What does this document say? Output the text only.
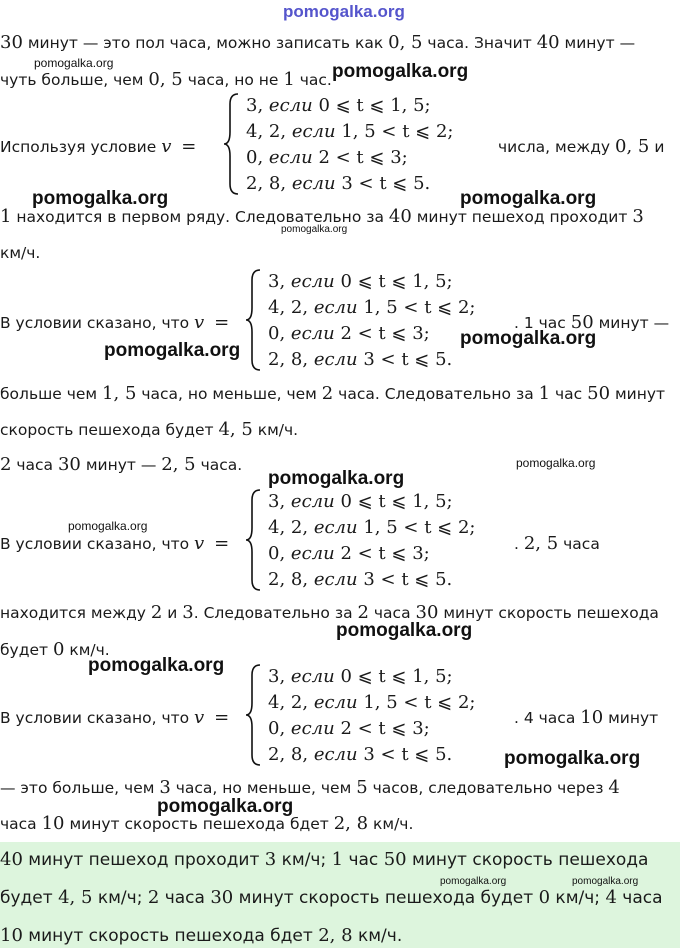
pomogalka.org
30 минут — это пол часа, можно записать как 0, 5 часа. Значит 40 минут —
pomogalka.org
чуть больше, чем 0, 5 часа, но не 1 час. pomogalka.org
Используя условие v =
3, если 0 ⩽ t ⩽ 1, 5;
4, 2, если 1, 5 < t ⩽ 2;
0, если 2 < t ⩽ 3;
2, 8, если 3 < t ⩽ 5.
числа, между 0, 5 и
pomogalka.org	pomogalka.org
1 находится в первом ряду. Следовательно за 40 минут пешеход проходит 3
pomogalka.org
км/ч.
В условии сказано, что v =
3, если 0 ⩽ t ⩽ 1, 5;
4, 2, если 1, 5 < t ⩽ 2;
0, если 2 < t ⩽ 3;
2, 8, если 3 < t ⩽ 5.
. 1 час 50 минут —
pomogalka.org
pomogalka.org
больше чем 1, 5 часа, но меньше, чем 2 часа. Следовательно за 1 час 50 минут
скорость пешехода будет 4, 5 км/ч.
2 часа 30 минут — 2, 5 часа.	pomogalka.org
pomogalka.org
pomogalka.org
В условии сказано, что v =
3, если 0 ⩽ t ⩽ 1, 5;
4, 2, если 1, 5 < t ⩽ 2;
0, если 2 < t ⩽ 3;
2, 8, если 3 < t ⩽ 5.
. 2, 5 часа
находится между 2 и 3. Следовательно за 2 часа 30 минут скорость пешехода
pomogalka.org
будет 0 км/ч.
pomogalka.org
В условии сказано, что v =
3, если 0 ⩽ t ⩽ 1, 5;
4, 2, если 1, 5 < t ⩽ 2;
0, если 2 < t ⩽ 3;
2, 8, если 3 < t ⩽ 5.
. 4 часа 10 минут
pomogalka.org
— это больше, чем 3 часа, но меньше, чем 5 часов, следовательно через 4
pomogalka.org
часа 10 минут скорость пешехода бдет 2, 8 км/ч.
40 минут пешеход проходит 3 км/ч; 1 час 50 минут скорость пешехода
pomogalka.org	pomogalka.org
будет 4, 5 км/ч; 2 часа 30 минут скорость пешехода будет 0 км/ч; 4 часа
10 минут скорость пешехода бдет 2, 8 км/ч.
